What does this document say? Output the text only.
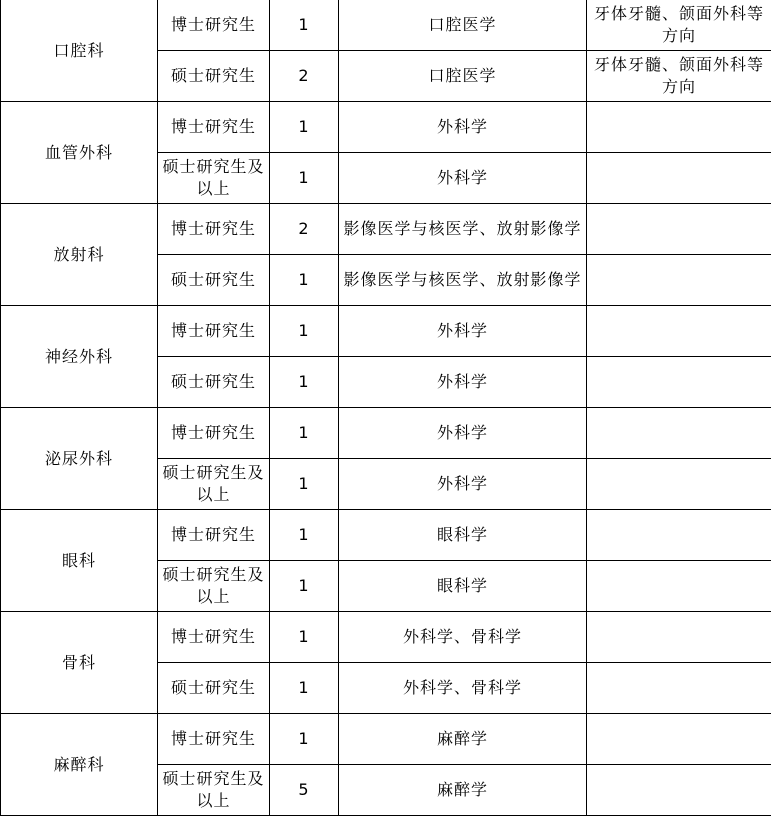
口腔科	博士研究生	1	口腔医学	牙体牙髓、颌面外科等方向
	硕士研究生	2	口腔医学	牙体牙髓、颌面外科等方向
血管外科	博士研究生	1	外科学	
	硕士研究生及以上	1	外科学	
放射科	博士研究生	2	影像医学与核医学、放射影像学	
	硕士研究生	1	影像医学与核医学、放射影像学	
神经外科	博士研究生	1	外科学	
	硕士研究生	1	外科学	
泌尿外科	博士研究生	1	外科学	
	硕士研究生及以上	1	外科学	
眼科	博士研究生	1	眼科学	
	硕士研究生及以上	1	眼科学	
骨科	博士研究生	1	外科学、骨科学	
	硕士研究生	1	外科学、骨科学	
麻醉科	博士研究生	1	麻醉学	
	硕士研究生及以上	5	麻醉学	
